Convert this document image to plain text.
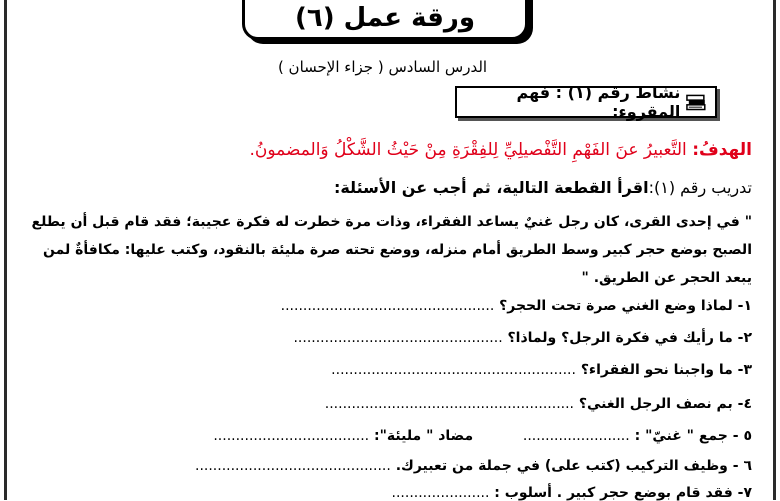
ورقة عمل (٦)
الدرس السادس ( جزاء الإحسان )
نشاط رقم (١) : فهم المقروء:
الهدفُ: التَّعبيرُ عنَ الفَهْمِ التَّفْصيلِيِّ لِلفِقْرَةِ مِنْ حَيْثُ الشَّكْلُ وَالمضمونُ.
تدريب رقم (١):اقرأ القطعة التالية، ثم أجب عن الأسئلة:
" في إحدى القرى، كان رجل غنيٌ يساعد الفقراء، وذات مرة خطرت له فكرة عجيبة؛ فقد قام قبل أن يطلع الصبح بوضع حجر كبير وسط الطريق أمام منزله، ووضع تحته صرة مليئة بالنقود، وكتب عليها: مكافأةٌ لمن يبعد الحجر عن الطريق. "
١- لماذا وضع الغني صرة تحت الحجر؟ ................................................
٢- ما رأيك في فكرة الرجل؟ ولماذا؟ ...............................................
٣- ما واجبنا نحو الفقراء؟ .......................................................
٤- بم نصف الرجل الغني؟ ........................................................
٥ - جمع " غنيّ" : ........................  مضاد " مليئة": ...................................
٦ - وظيف التركيب (كتب على) في جملة من تعبيرك. ............................................
٧- فقد قام بوضع حجر كبير . أسلوب : ......................
